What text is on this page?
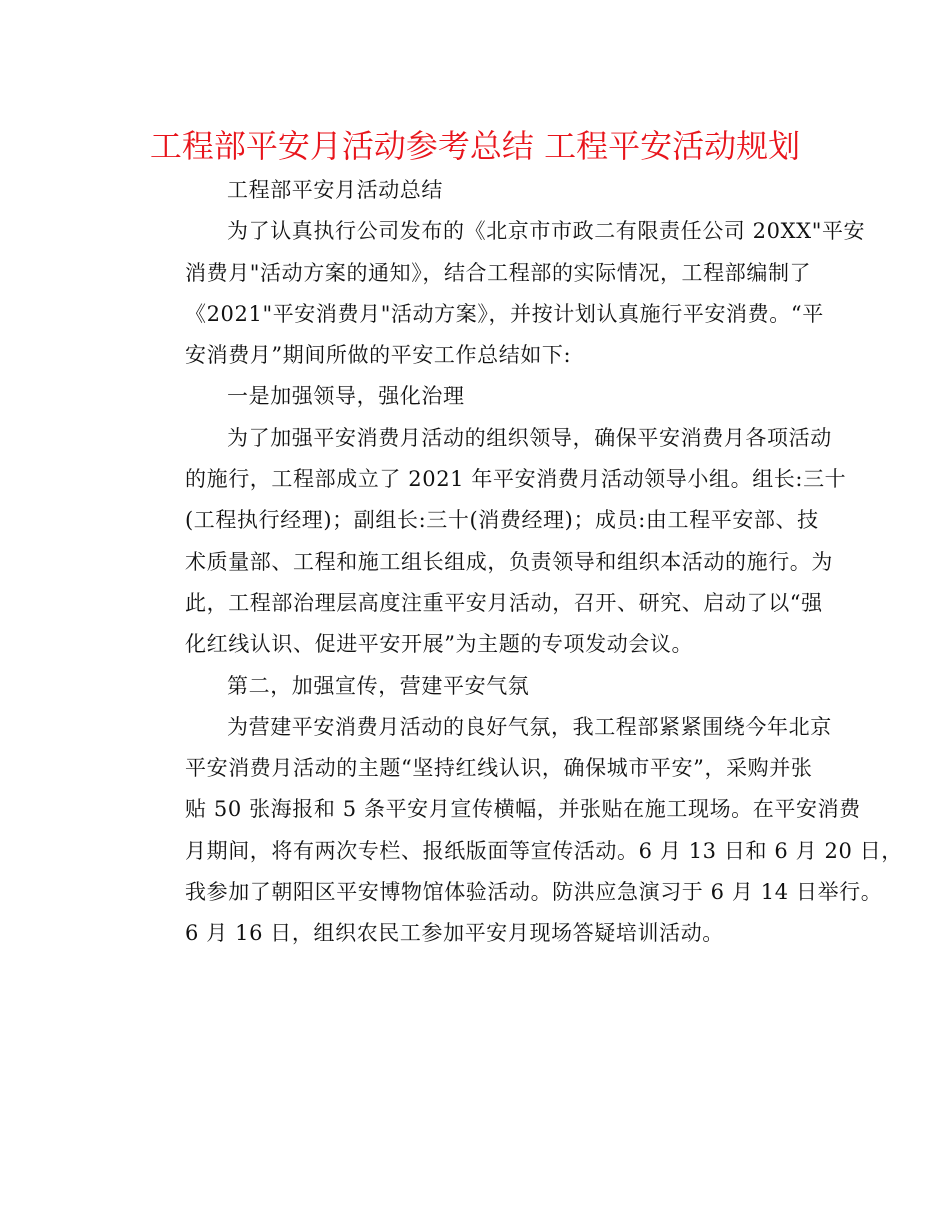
工程部平安月活动参考总结 工程平安活动规划

工程部平安月活动总结

为了认真执行公司发布的《北京市市政二有限责任公司 20XX"平安
消费月"活动方案的通知》，结合工程部的实际情况，工程部编制了
《2021"平安消费月"活动方案》，并按计划认真施行平安消费。“平
安消费月”期间所做的平安工作总结如下:

一是加强领导，强化治理

为了加强平安消费月活动的组织领导，确保平安消费月各项活动
的施行，工程部成立了 2021 年平安消费月活动领导小组。组长:三十
(工程执行经理)；副组长:三十(消费经理)；成员:由工程平安部、技
术质量部、工程和施工组长组成，负责领导和组织本活动的施行。为
此，工程部治理层高度注重平安月活动，召开、研究、启动了以“强
化红线认识、促进平安开展”为主题的专项发动会议。

第二，加强宣传，营建平安气氛

为营建平安消费月活动的良好气氛，我工程部紧紧围绕今年北京
平安消费月活动的主题“坚持红线认识，确保城市平安”，采购并张
贴 50 张海报和 5 条平安月宣传横幅，并张贴在施工现场。在平安消费
月期间，将有两次专栏、报纸版面等宣传活动。6 月 13 日和 6 月 20 日，
我参加了朝阳区平安博物馆体验活动。防洪应急演习于 6 月 14 日举行。
6 月 16 日，组织农民工参加平安月现场答疑培训活动。
